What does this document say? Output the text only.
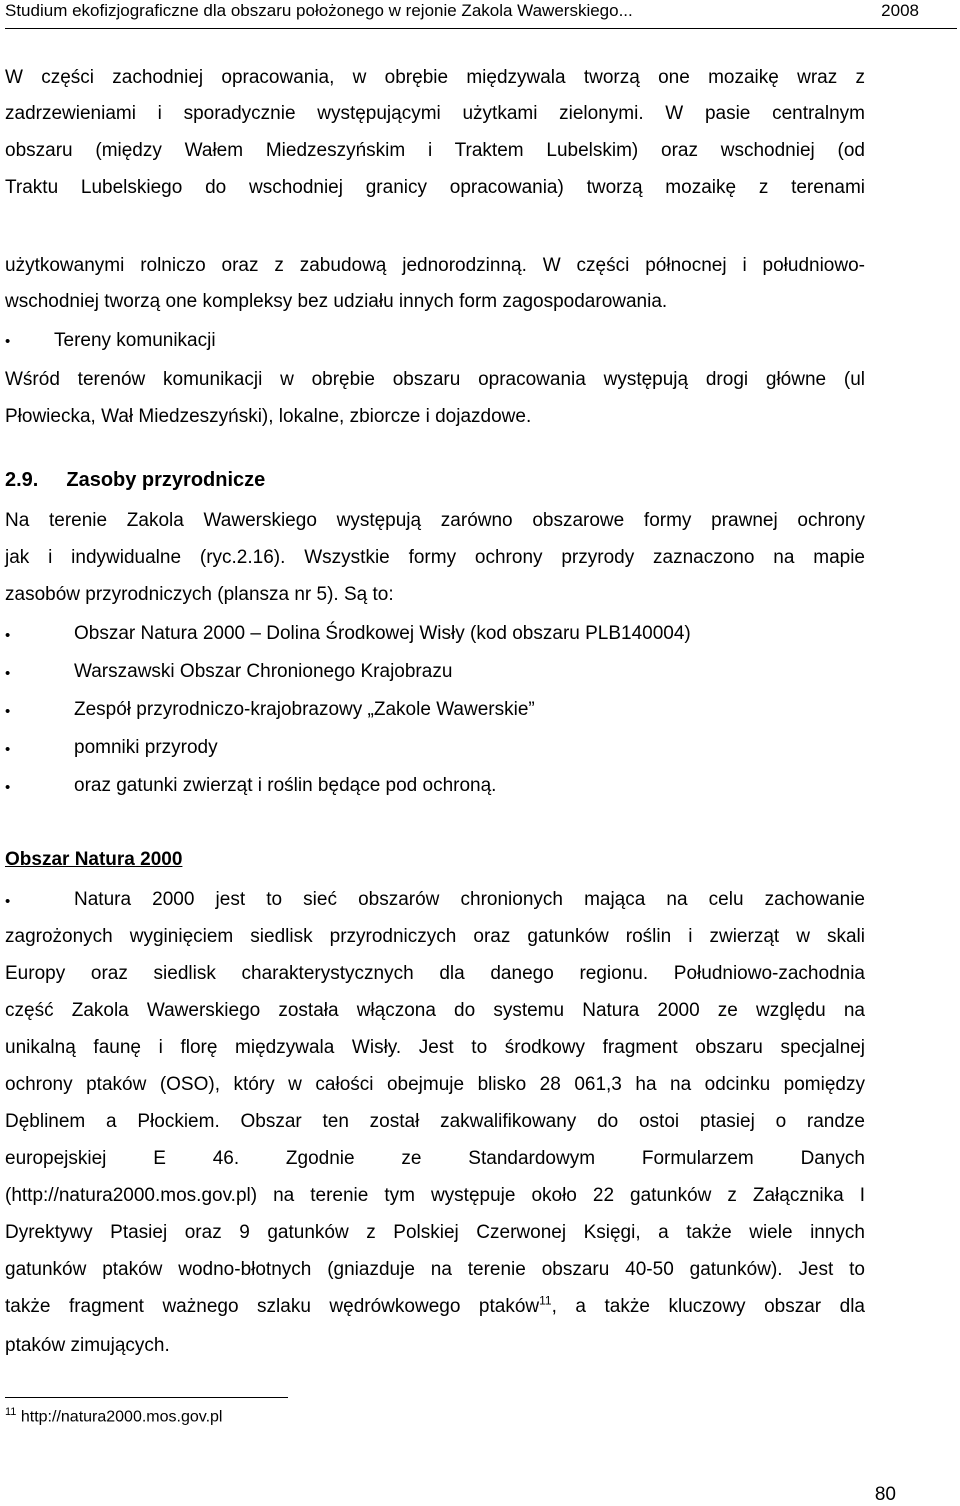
Studium ekofizjograficzne dla obszaru położonego w rejonie Zakola Wawerskiego...	2008
W części zachodniej opracowania, w obrębie międzywala tworzą one mozaikę wraz z
zadrzewieniami i sporadycznie występującymi użytkami zielonymi. W pasie centralnym
obszaru (między Wałem Miedzeszyńskim i Traktem Lubelskim) oraz wschodniej (od
Traktu Lubelskiego do wschodniej granicy opracowania) tworzą mozaikę z terenami
użytkowanymi rolniczo oraz z zabudową jednorodzinną. W części północnej i południowo-
wschodniej tworzą one kompleksy bez udziału innych form zagospodarowania.
• Tereny komunikacji
Wśród terenów komunikacji w obrębie obszaru opracowania występują drogi główne (ul
Płowiecka, Wał Miedzeszyński), lokalne, zbiorcze i dojazdowe.
2.9. Zasoby przyrodnicze
Na terenie Zakola Wawerskiego występują zarówno obszarowe formy prawnej ochrony
jak i indywidualne (ryc.2.16). Wszystkie formy ochrony przyrody zaznaczono na mapie
zasobów przyrodniczych (plansza nr 5). Są to:
•	Obszar Natura 2000 – Dolina Środkowej Wisły (kod obszaru PLB140004)
•	Warszawski Obszar Chronionego Krajobrazu
•	Zespół przyrodniczo-krajobrazowy „Zakole Wawerskie”
•	pomniki przyrody
•	oraz gatunki zwierząt i roślin będące pod ochroną.
Obszar Natura 2000
•	Natura 2000 jest to sieć obszarów chronionych mająca na celu zachowanie
zagrożonych wyginięciem siedlisk przyrodniczych oraz gatunków roślin i zwierząt w skali
Europy oraz siedlisk charakterystycznych dla danego regionu. Południowo-zachodnia
część Zakola Wawerskiego została włączona do systemu Natura 2000 ze względu na
unikalną faunę i florę międzywala Wisły. Jest to środkowy fragment obszaru specjalnej
ochrony ptaków (OSO), który w całości obejmuje blisko 28 061,3 ha na odcinku pomiędzy
Dęblinem a Płockiem. Obszar ten został zakwalifikowany do ostoi ptasiej o randze
europejskiej E 46. Zgodnie ze Standardowym Formularzem Danych
(http://natura2000.mos.gov.pl) na terenie tym występuje około 22 gatunków z Załącznika I
Dyrektywy Ptasiej oraz 9 gatunków z Polskiej Czerwonej Księgi, a także wiele innych
gatunków ptaków wodno-błotnych (gniazduje na terenie obszaru 40-50 gatunków). Jest to
także fragment ważnego szlaku wędrówkowego ptaków$^{11}$, a także kluczowy obszar dla
ptaków zimujących.
$^{11}$ http://natura2000.mos.gov.pl
80
